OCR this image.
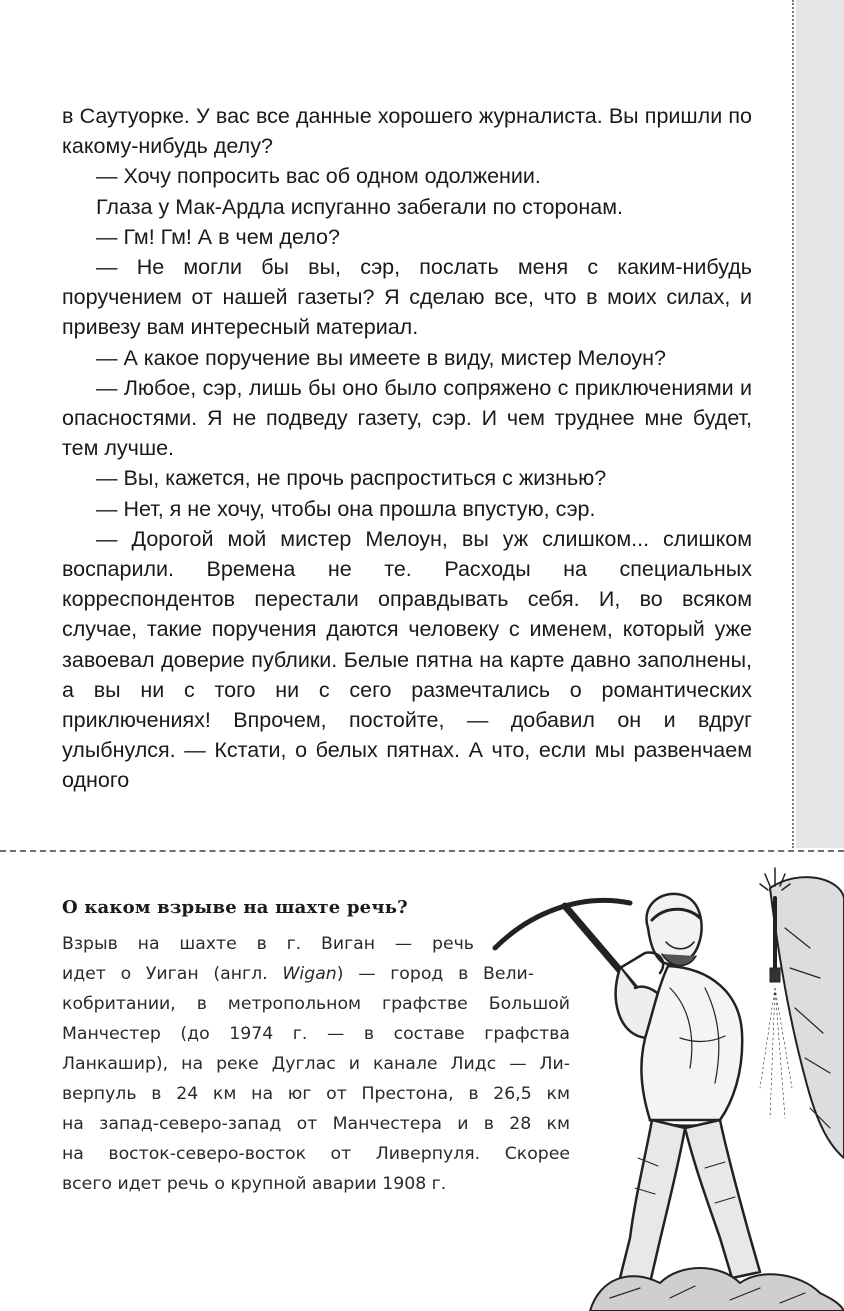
в Саутуорке. У вас все данные хорошего журналиста. Вы пришли по какому-нибудь делу?

— Хочу попросить вас об одном одолжении.

Глаза у Мак-Ардла испуганно забегали по сторонам.

— Гм! Гм! А в чем дело?

— Не могли бы вы, сэр, послать меня с каким-нибудь поручением от нашей газеты? Я сделаю все, что в моих силах, и привезу вам интересный материал.

— А какое поручение вы имеете в виду, мистер Мелоун?

— Любое, сэр, лишь бы оно было сопряжено с приключениями и опасностями. Я не подведу газету, сэр. И чем труднее мне будет, тем лучше.

— Вы, кажется, не прочь распроститься с жизнью?

— Нет, я не хочу, чтобы она прошла впустую, сэр.

— Дорогой мой мистер Мелоун, вы уж слишком... слишком воспарили. Времена не те. Расходы на специальных корреспондентов перестали оправдывать себя. И, во всяком случае, такие поручения даются человеку с именем, который уже завоевал доверие публики. Белые пятна на карте давно заполнены, а вы ни с того ни с сего размечтались о романтических приключениях! Впрочем, постойте, — добавил он и вдруг улыбнулся. — Кстати, о белых пятнах. А что, если мы развенчаем одного

О каком взрыве на шахте речь?
Взрыв на шахте в г. Виган — речь
идет о Уиган (англ. Wigan) — город в Вели-
кобритании, в метропольном графстве Большой
Манчестер (до 1974 г. — в составе графства
Ланкашир), на реке Дуглас и канале Лидс — Ли-
верпуль в 24 км на юг от Престона, в 26,5 км
на запад-северо-запад от Манчестера и в 28 км
на восток-северо-восток от Ливерпуля. Скорее
всего идет речь о крупной аварии 1908 г.
